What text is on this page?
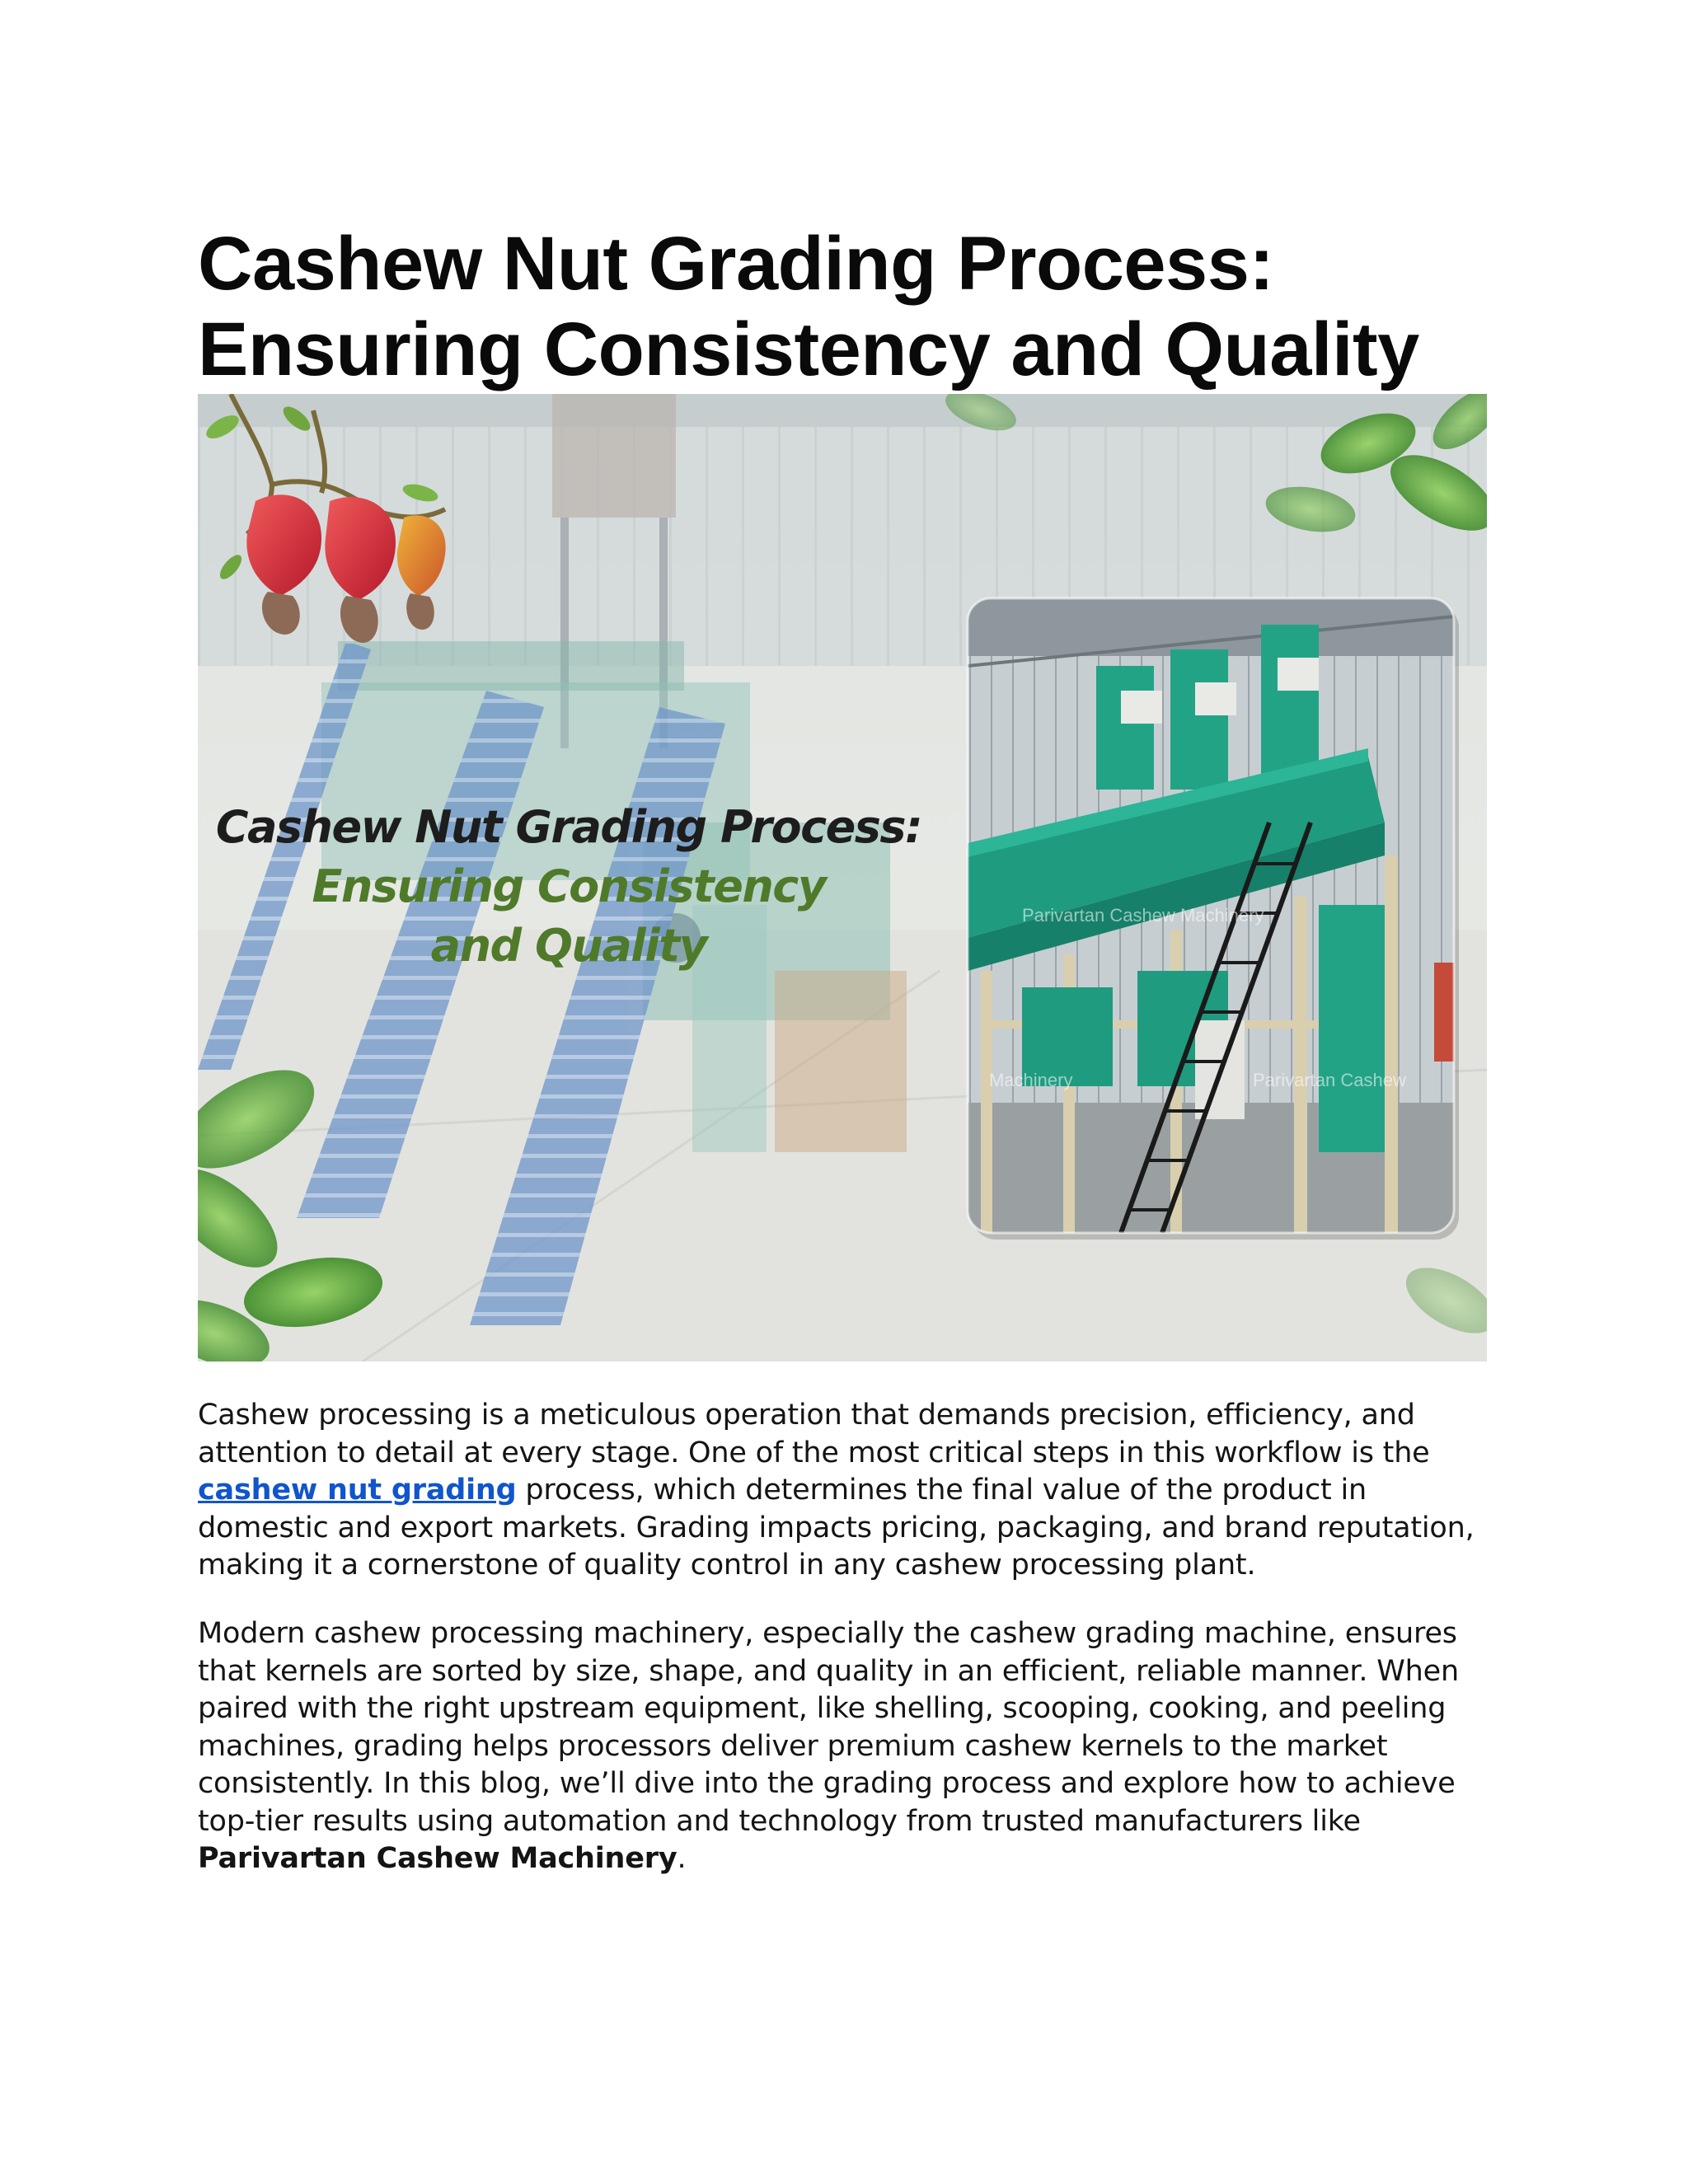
Cashew Nut Grading Process:
Ensuring Consistency and Quality
Cashew Nut Grading Process:
Ensuring Consistency
and Quality
Parivartan Cashew Machinery
Parivartan Cashew
Machinery

Cashew processing is a meticulous operation that demands precision, efficiency, and attention to detail at every stage. One of the most critical steps in this workflow is the cashew nut grading process, which determines the final value of the product in domestic and export markets. Grading impacts pricing, packaging, and brand reputation, making it a cornerstone of quality control in any cashew processing plant.

Modern cashew processing machinery, especially the cashew grading machine, ensures that kernels are sorted by size, shape, and quality in an efficient, reliable manner. When paired with the right upstream equipment, like shelling, scooping, cooking, and peeling machines, grading helps processors deliver premium cashew kernels to the market consistently. In this blog, we’ll dive into the grading process and explore how to achieve top-tier results using automation and technology from trusted manufacturers like Parivartan Cashew Machinery.
